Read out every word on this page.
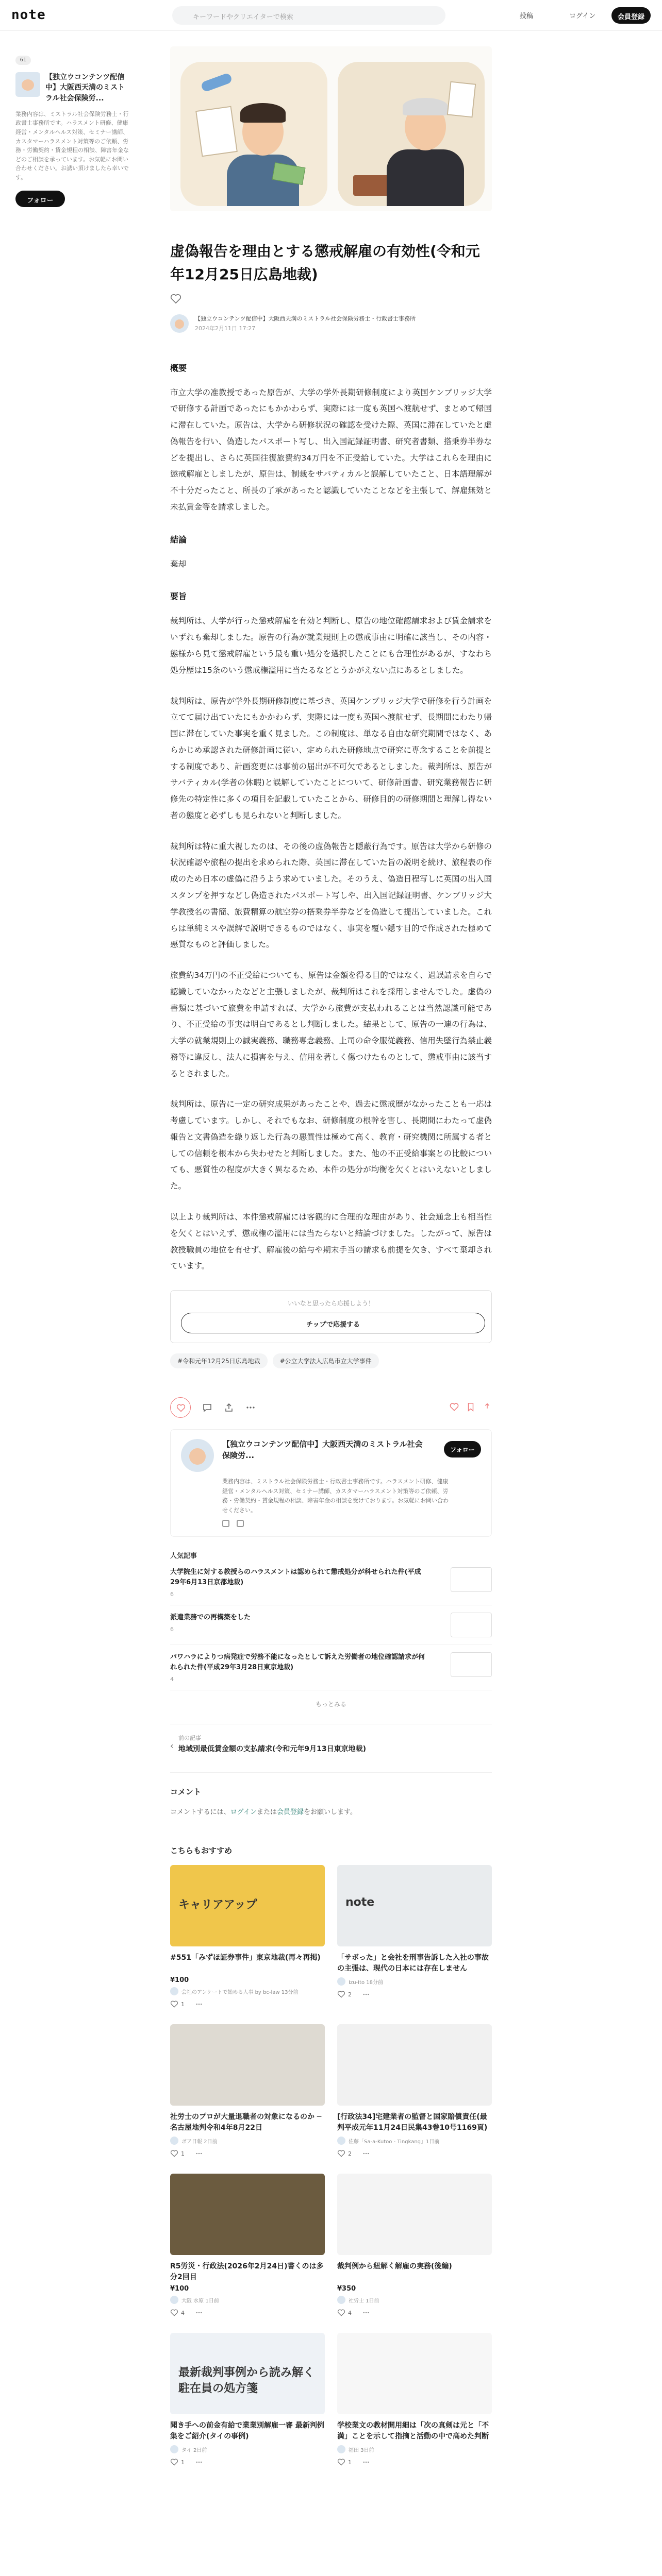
note	キーワードやクリエイターで検索	投稿	ログイン	会員登録
61
【独立ウコンテンツ配信中】大阪西天満のミストラル社会保険労...
業務内容は、ミストラル社会保険労務士・行政書士事務所です。ハラスメント研修、健康経営・メンタルヘルス対策、セミナー講師、カスタマーハラスメント対策等のご依頼、労務・労働契約・賃金規程の相談、障害年金などのご相談を承っています。お気軽にお問い合わせください。お誘い頂けましたら幸いです。
フォロー
虚偽報告を理由とする懲戒解雇の有効性(令和元年12月25日広島地裁)
【独立ウコンテンツ配信中】大阪西天満のミストラル社会保険労務士・行政書士事務所
2024年2月11日 17:27
概要

市立大学の准教授であった原告が、大学の学外長期研修制度により英国ケンブリッジ大学で研修する計画であったにもかかわらず、実際には一度も英国へ渡航せず、まとめて帰国に滞在していた。原告は、大学から研修状況の確認を受けた際、英国に滞在していたと虚偽報告を行い、偽造したパスポート写し、出入国記録証明書、研究者書類、搭乗券半券などを提出し、さらに英国往復旅費約34万円を不正受給していた。大学はこれらを理由に懲戒解雇としましたが、原告は、制裁をサバティカルと誤解していたこと、日本語理解が不十分だったこと、所長の了承があったと認識していたことなどを主張して、解雇無効と未払賃金等を請求しました。

結論

棄却

要旨

裁判所は、大学が行った懲戒解雇を有効と判断し、原告の地位確認請求および賃金請求をいずれも棄却しました。原告の行為が就業規則上の懲戒事由に明確に該当し、その内容・態様から見て懲戒解雇という最も重い処分を選択したことにも合理性があるが、すなわち処分歴は15条のいう懲戒権濫用に当たるなどとうかがえない点にあるとしました。

裁判所は、原告が学外長期研修制度に基づき、英国ケンブリッジ大学で研修を行う計画を立てて届け出ていたにもかかわらず、実際には一度も英国へ渡航せず、長期間にわたり帰国に滞在していた事実を重く見ました。この制度は、単なる自由な研究期間ではなく、あらかじめ承認された研修計画に従い、定められた研修地点で研究に専念することを前提とする制度であり、計画変更には事前の届出が不可欠であるとしました。裁判所は、原告がサバティカル(学者の休暇)と誤解していたことについて、研修計画書、研究業務報告に研修先の特定性に多くの項目を記載していたことから、研修目的の研修期間と理解し得ない者の態度と必ずしも見られないと判断しました。

裁判所は特に重大視したのは、その後の虚偽報告と隠蔽行為です。原告は大学から研修の状況確認や旅程の提出を求められた際、英国に滞在していた旨の説明を続け、旅程表の作成のため日本の虚偽に沿うよう求めていました。そのうえ、偽造日程写しに英国の出入国スタンプを押すなどし偽造されたパスポート写しや、出入国記録証明書、ケンブリッジ大学教授名の書簡、旅費精算の航空券の搭乗券半券などを偽造して提出していました。これらは単純ミスや誤解で説明できるものではなく、事実を覆い隠す目的で作成された極めて悪質なものと評価しました。

旅費約34万円の不正受給についても、原告は金額を得る目的ではなく、過誤請求を自らで認識していなかったなどと主張しましたが、裁判所はこれを採用しませんでした。虚偽の書類に基づいて旅費を申請すれば、大学から旅費が支払われることは当然認識可能であり、不正受給の事実は明白であるとし判断しました。結果として、原告の一連の行為は、大学の就業規則上の誠実義務、職務専念義務、上司の命令服従義務、信用失墜行為禁止義務等に違反し、法人に損害を与え、信用を著しく傷つけたものとして、懲戒事由に該当するとされました。

裁判所は、原告に一定の研究成果があったことや、過去に懲戒歴がなかったことも一応は考慮しています。しかし、それでもなお、研修制度の根幹を害し、長期間にわたって虚偽報告と文書偽造を繰り返した行為の悪質性は極めて高く、教育・研究機関に所属する者としての信頼を根本から失わせたと判断しました。また、他の不正受給事案との比較についても、悪質性の程度が大きく異なるため、本件の処分が均衡を欠くとはいえないとしました。

以上より裁判所は、本件懲戒解雇には客観的に合理的な理由があり、社会通念上も相当性を欠くとはいえず、懲戒権の濫用には当たらないと結論づけました。したがって、原告は教授職員の地位を有せず、解雇後の給与や期末手当の請求も前提を欠き、すべて棄却されています。

いいなと思ったら応援しよう！
チップで応援する
#令和元年12月25日広島地裁	#公立大学法人広島市立大学事件
【独立ウコンテンツ配信中】大阪西天満のミストラル社会保険労...
業務内容は、ミストラル社会保険労務士・行政書士事務所です。ハラスメント研修、健康経営・メンタルヘルス対策、セミナー講師、カスタマーハラスメント対策等のご依頼、労務・労働契約・賃金規程の相談、障害年金の相談を受けております。お気軽にお問い合わせください。
フォロー
人気記事
大学院生に対する教授らのハラスメントは認められて懲戒処分が科せられた件(平成29年6月13日京都地裁)
6
派遣業務での再構築をした
6
パワハラによりつ病発症で労務不能になったとして訴えた労働者の地位確認請求が何れられた件(平成29年3月28日東京地裁)
4
もっとみる
‹
前の記事
地域別最低賃金額の支払請求(令和元年9月13日東京地裁)
コメント
コメントするには、ログインまたは会員登録をお願いします。
こちらもおすすめ
キャリアアップ
#551「みずほ証券事件」東京地裁(再々再掲)
¥100
会社のアンケートで始める人事 by bc-law 13分前
1
note
「サボった」と会社を刑事告訴した入社の事故の主張は、現代の日本には存在しません
Izu-Ito 18分前
2
社労士のプロが大量退職者の対象になるのか ─ 名古屋地判令和4年8月22日
ボア日報 2日前
1
[行政法34]宅建業者の監督と国家賠償責任(最判平成元年11月24日民集43巻10号1169頁)
佐藤「Sa-a-Kutoo - Tingkang」1日前
2
R5労災・行政法(2026年2月24日)書くのは多分2回目
¥100
大阪 水原 1日前
4
裁判例から紐解く解雇の実務(後編)
¥350
社労士 1日前
4
最新裁判事例から読み解く駐在員の処方箋
聞き手への前金有給で業業別解雇一審 最新判例集をご紹介(タイの事例)
タイ 2日前
1
学校業文の教材開用細は「次の真剣は元と「不満」ことを示して指摘と活動の中で高めた判断
福田 3日前
1
